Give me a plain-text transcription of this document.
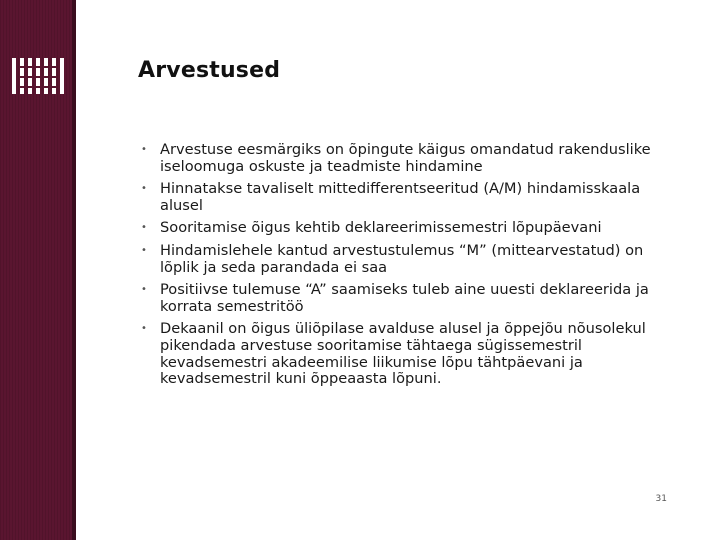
Arvestused
• Arvestuse eesmärgiks on õpingute käigus omandatud rakenduslike iseloomuga oskuste ja teadmiste hindamine
• Hinnatakse tavaliselt mittedifferentseeritud (A/M) hindamisskaala alusel
• Sooritamise õigus kehtib deklareerimissemestri lõpupäevani
• Hindamislehele kantud arvestustulemus “M” (mittearvestatud) on lõplik ja seda parandada ei saa
• Positiivse tulemuse “A” saamiseks tuleb aine uuesti deklareerida ja korrata semestritöö
• Dekaanil on õigus üliõpilase avalduse alusel ja õppejõu nõusolekul pikendada arvestuse sooritamise tähtaega sügissemestril kevadsemestri akadeemilise liikumise lõpu tähtpäevani ja kevadsemestril kuni õppeaasta lõpuni.
31
